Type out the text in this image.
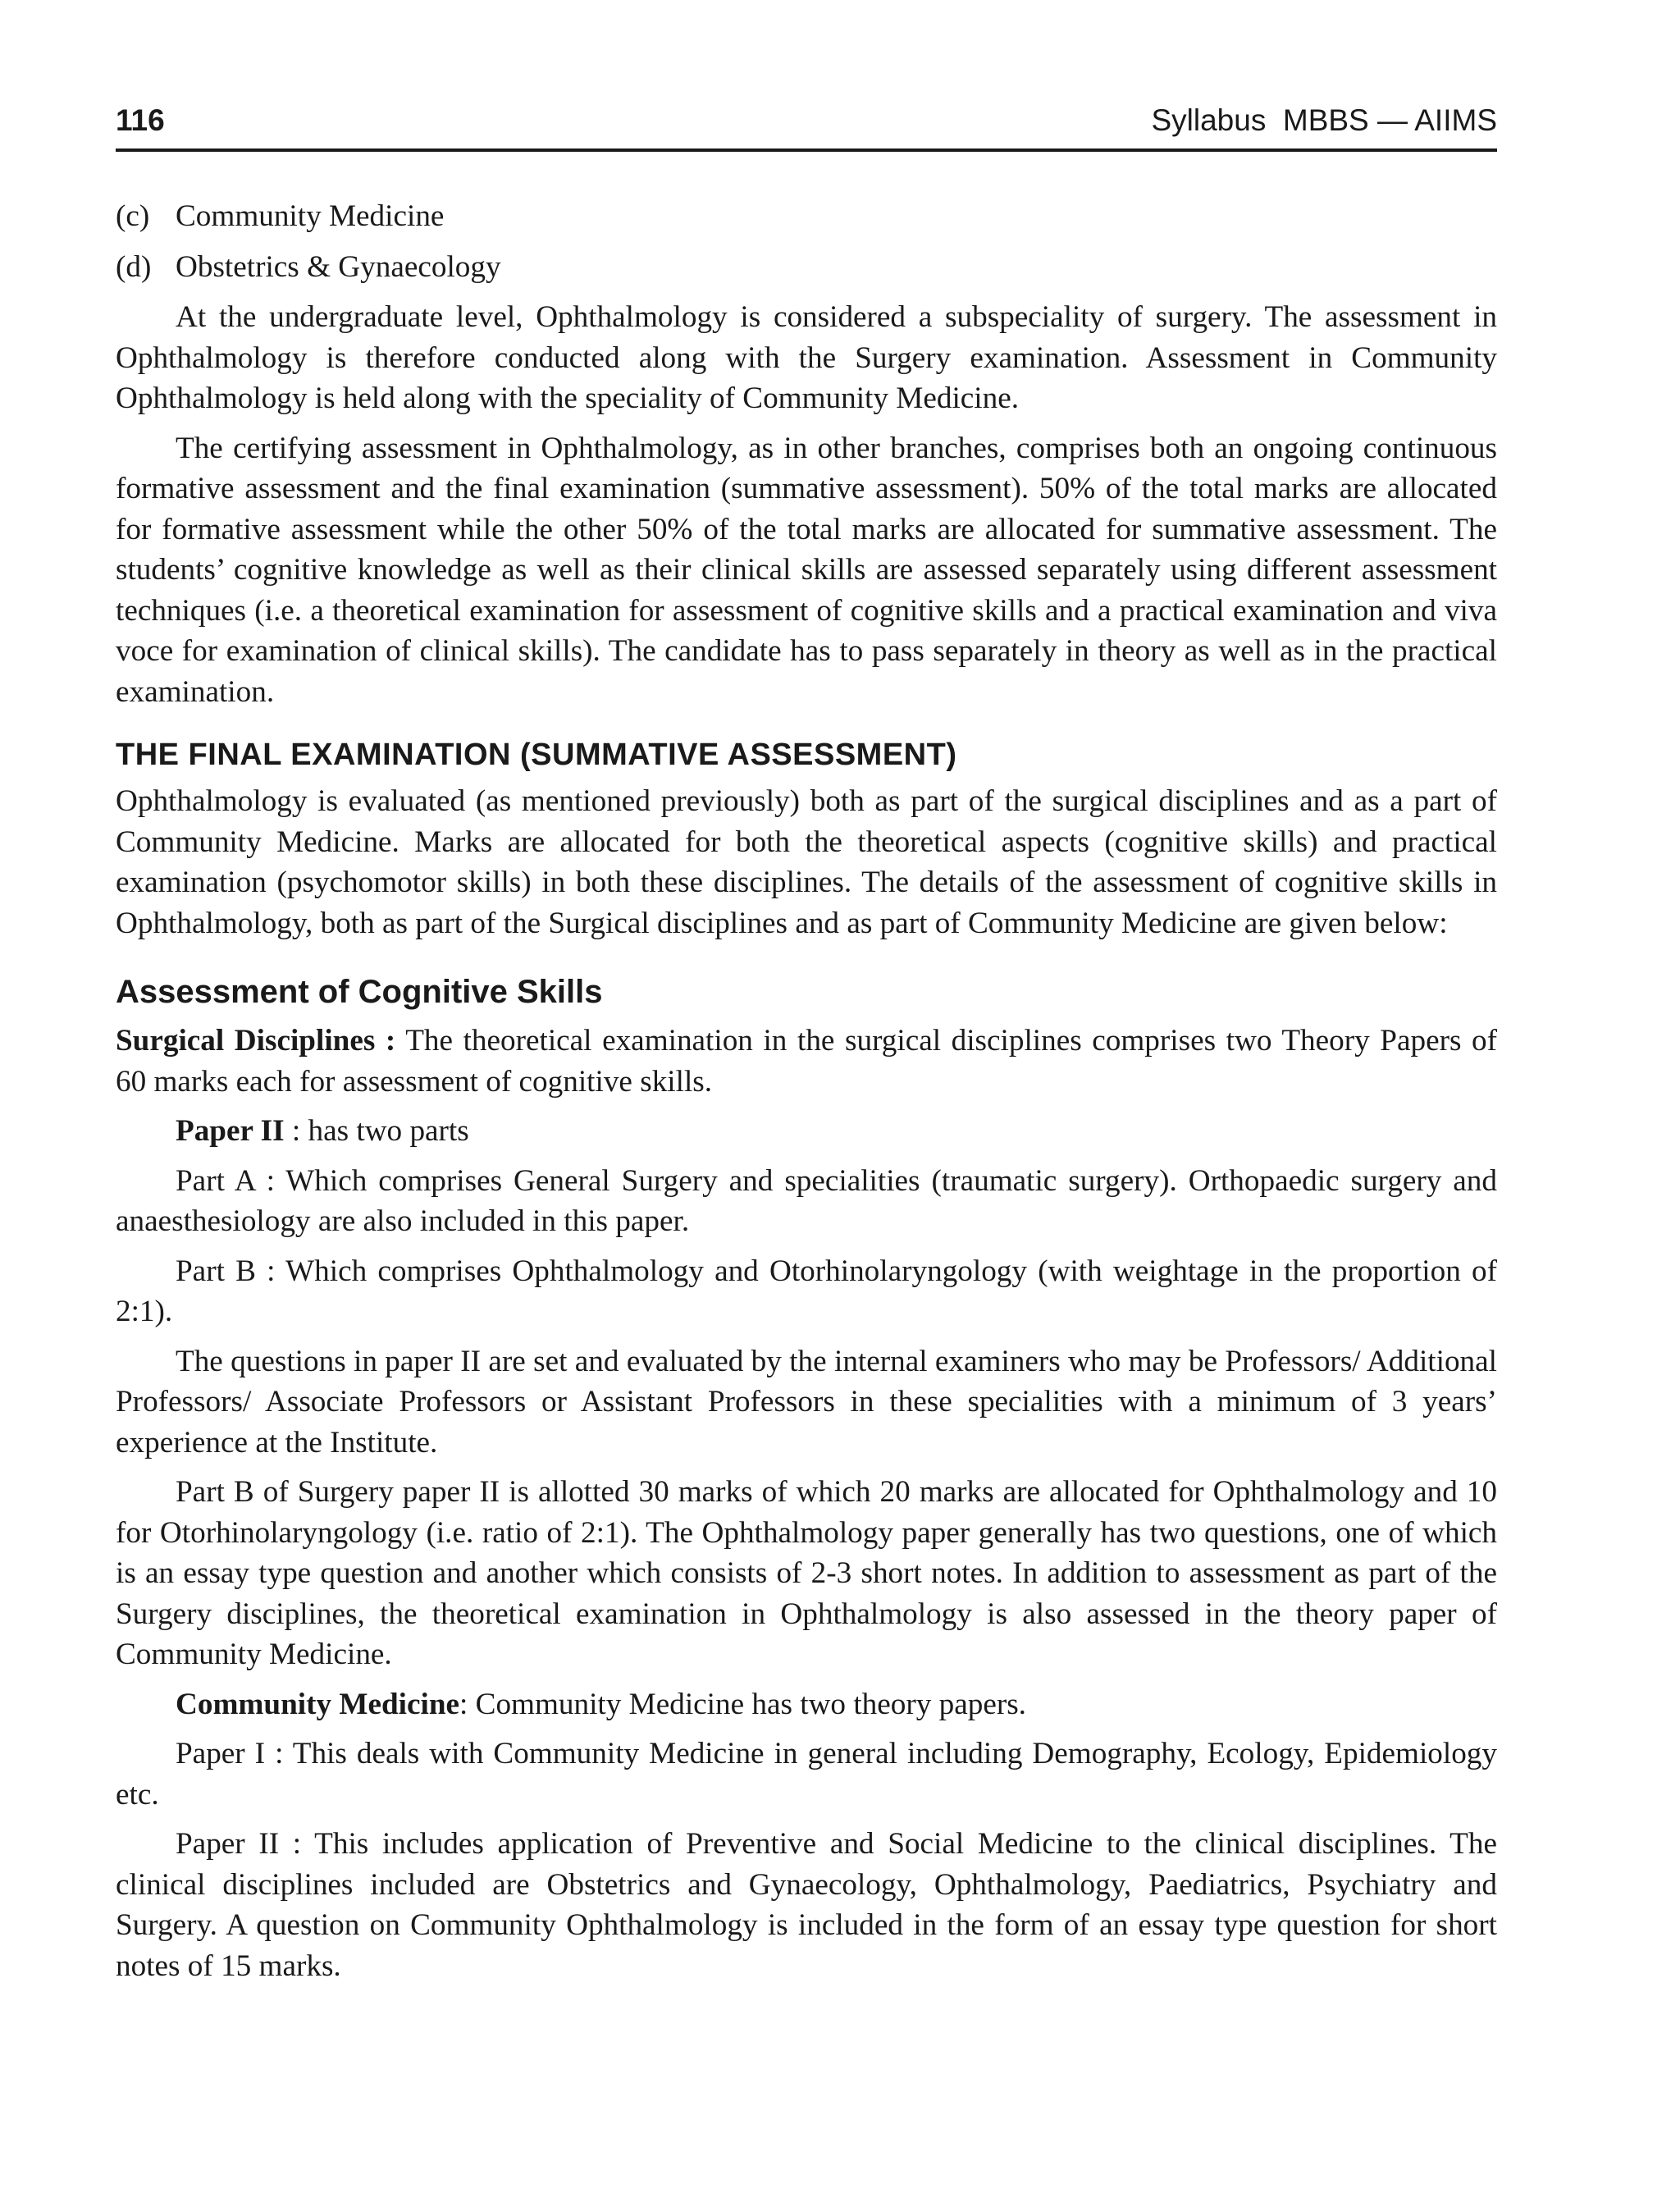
116	Syllabus  MBBS — AIIMS
(c) Community Medicine
(d) Obstetrics & Gynaecology

At the undergraduate level, Ophthalmology is considered a subspeciality of surgery. The assessment in Ophthalmology is therefore conducted along with the Surgery examination. Assessment in Community Ophthalmology is held along with the speciality of Community Medicine.

The certifying assessment in Ophthalmology, as in other branches, comprises both an ongoing continuous formative assessment and the final examination (summative assessment). 50% of the total marks are allocated for formative assessment while the other 50% of the total marks are allocated for summative assessment. The students’ cognitive knowledge as well as their clinical skills are assessed separately using different assessment techniques (i.e. a theoretical examination for assessment of cognitive skills and a practical examination and viva voce for examination of clinical skills). The candidate has to pass separately in theory as well as in the practical examination.

THE FINAL EXAMINATION (SUMMATIVE ASSESSMENT)

Ophthalmology is evaluated (as mentioned previously) both as part of the surgical disciplines and as a part of Community Medicine. Marks are allocated for both the theoretical aspects (cognitive skills) and practical examination (psychomotor skills) in both these disciplines. The details of the assessment of cognitive skills in Ophthalmology, both as part of the Surgical disciplines and as part of Community Medicine are given below:

Assessment of Cognitive Skills

Surgical Disciplines : The theoretical examination in the surgical disciplines comprises two Theory Papers of 60 marks each for assessment of cognitive skills.

Paper II : has two parts

Part A : Which comprises General Surgery and specialities (traumatic surgery). Orthopaedic surgery and anaesthesiology are also included in this paper.

Part B : Which comprises Ophthalmology and Otorhinolaryngology (with weightage in the proportion of 2:1).

The questions in paper II are set and evaluated by the internal examiners who may be Professors/ Additional Professors/ Associate Professors or Assistant Professors in these specialities with a minimum of 3 years’ experience at the Institute.

Part B of Surgery paper II is allotted 30 marks of which 20 marks are allocated for Ophthalmology and 10 for Otorhinolaryngology (i.e. ratio of 2:1). The Ophthalmology paper generally has two questions, one of which is an essay type question and another which consists of 2-3 short notes. In addition to assessment as part of the Surgery disciplines, the theoretical examination in Ophthalmology is also assessed in the theory paper of Community Medicine.

Community Medicine: Community Medicine has two theory papers.

Paper I : This deals with Community Medicine in general including Demography, Ecology, Epidemiology etc.

Paper II : This includes application of Preventive and Social Medicine to the clinical disciplines. The clinical disciplines included are Obstetrics and Gynaecology, Ophthalmology, Paediatrics, Psychiatry and Surgery. A question on Community Ophthalmology is included in the form of an essay type question for short notes of 15 marks.
